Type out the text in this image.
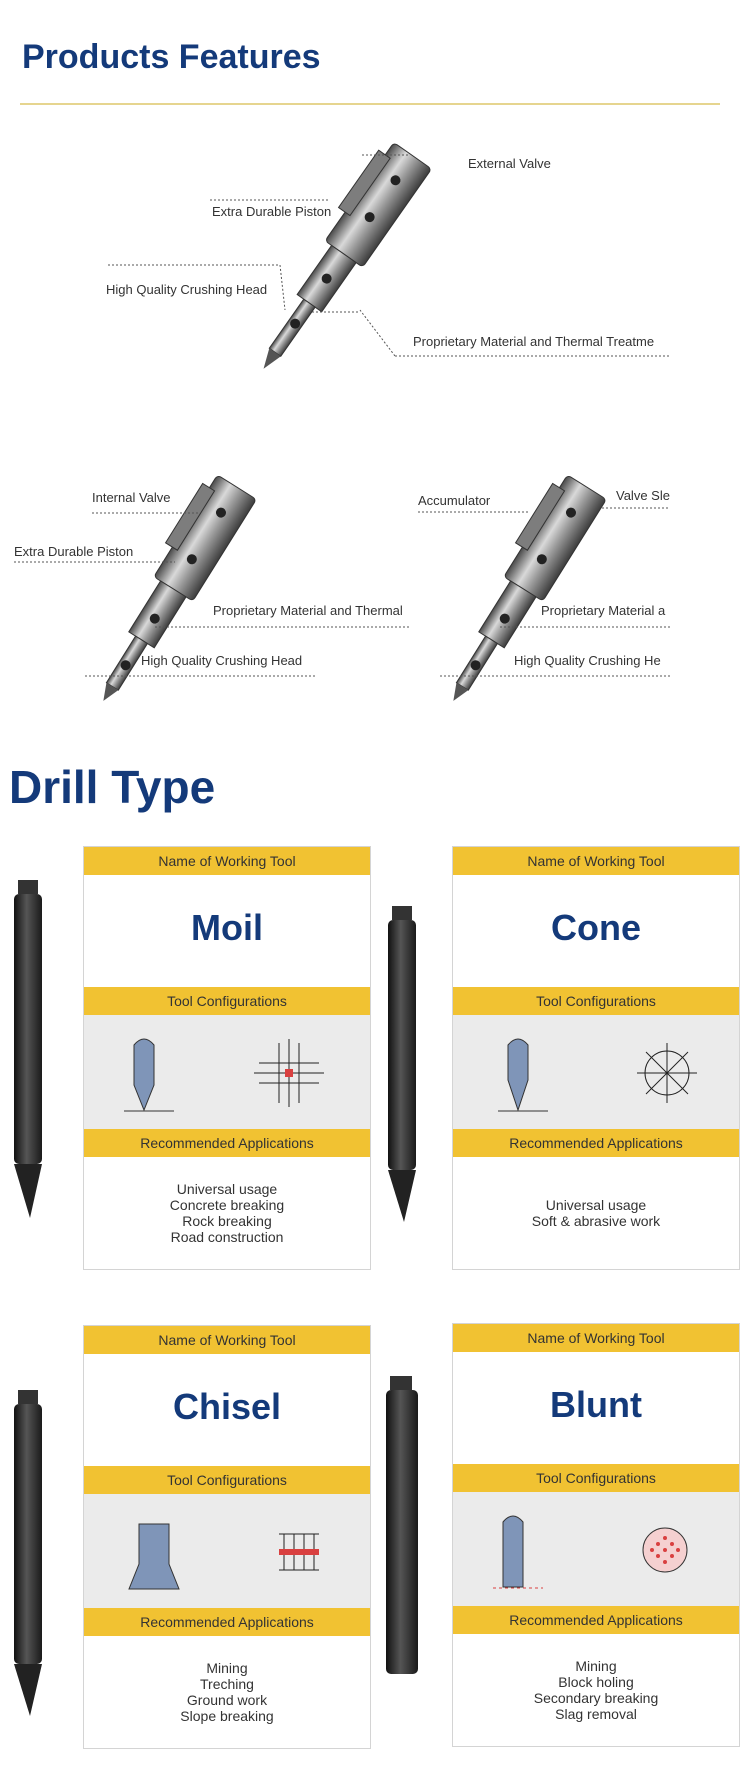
Products Features
External Valve
Extra Durable Piston
High Quality Crushing Head
Proprietary Material and Thermal Treatme
Internal Valve
Extra Durable Piston
Proprietary Material and Thermal
High Quality Crushing Head
Accumulator	Valve Sle
Proprietary Material a
High Quality Crushing He
Drill Type
Name of Working Tool
Moil
Tool Configurations
Recommended Applications
Universal usage
Concrete breaking
Rock breaking
Road construction
Name of Working Tool
Cone
Tool Configurations
Recommended Applications
Universal usage
Soft & abrasive work
Name of Working Tool
Chisel
Tool Configurations
Recommended Applications
Mining
Treching
Ground work
Slope breaking
Name of Working Tool
Blunt
Tool Configurations
Recommended Applications
Mining
Block holing
Secondary breaking
Slag removal
